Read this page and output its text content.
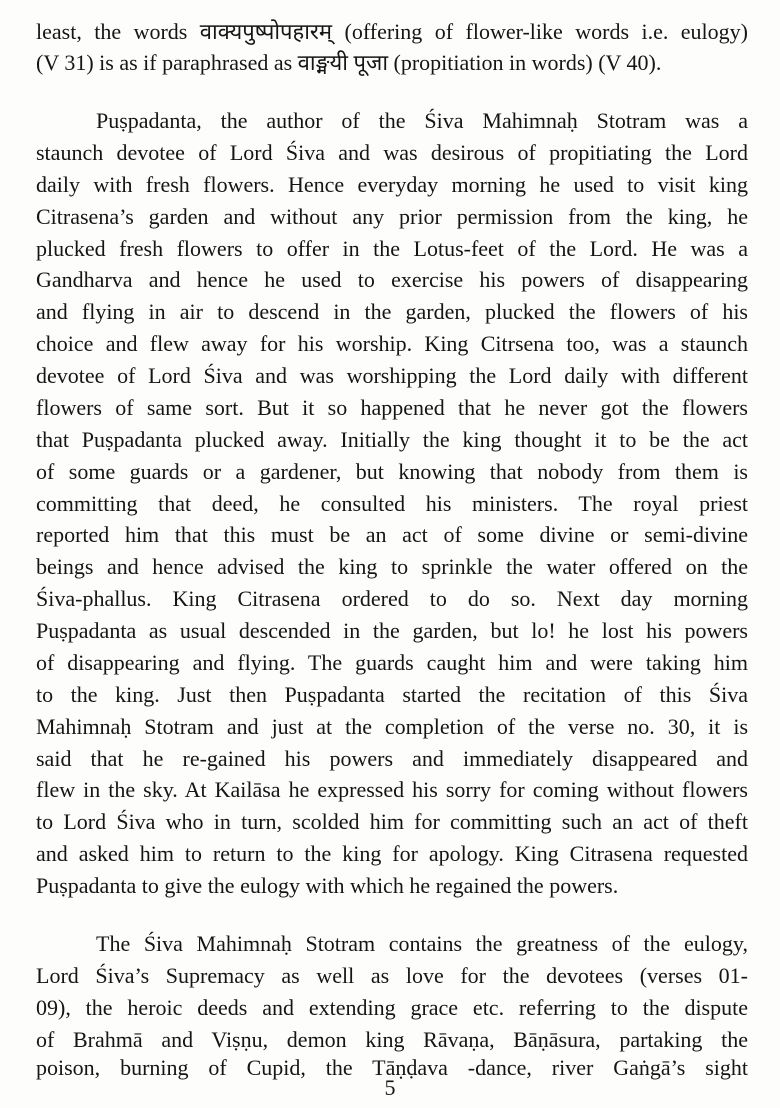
least, the words वाक्यपुष्पोपहारम् (offering of flower-like words i.e. eulogy)

(V 31) is as if paraphrased as वाङ्मयी पूजा (propitiation in words) (V 40).

Puṣpadanta, the author of the Śiva Mahimnaḥ Stotram was a

staunch devotee of Lord Śiva and was desirous of propitiating the Lord

daily with fresh flowers. Hence everyday morning he used to visit king

Citrasena’s garden and without any prior permission from the king, he

plucked fresh flowers to offer in the Lotus-feet of the Lord. He was a

Gandharva and hence he used to exercise his powers of disappearing

and flying in air to descend in the garden, plucked the flowers of his

choice and flew away for his worship. King Citrsena too, was a staunch

devotee of Lord Śiva and was worshipping the Lord daily with different

flowers of same sort. But it so happened that he never got the flowers

that Puṣpadanta plucked away. Initially the king thought it to be the act

of some guards or a gardener, but knowing that nobody from them is

committing that deed, he consulted his ministers. The royal priest

reported him that this must be an act of some divine or semi-divine

beings and hence advised the king to sprinkle the water offered on the

Śiva-phallus. King Citrasena ordered to do so. Next day morning

Puṣpadanta as usual descended in the garden, but lo! he lost his powers

of disappearing and flying. The guards caught him and were taking him

to the king. Just then Puṣpadanta started the recitation of this Śiva

Mahimnaḥ Stotram and just at the completion of the verse no. 30, it is

said that he re-gained his powers and immediately disappeared and

flew in the sky. At Kailāsa he expressed his sorry for coming without flowers

to Lord Śiva who in turn, scolded him for committing such an act of theft

and asked him to return to the king for apology. King Citrasena requested

Puṣpadanta to give the eulogy with which he regained the powers.

The Śiva Mahimnaḥ Stotram contains the greatness of the eulogy,

Lord Śiva’s Supremacy as well as love for the devotees (verses 01-

09), the heroic deeds and extending grace etc. referring to the dispute

of Brahmā and Viṣṇu, demon king Rāvaṇa, Bāṇāsura, partaking the

poison, burning of Cupid, the Tāṇḍava -dance, river Gaṅgā’s sight

5
